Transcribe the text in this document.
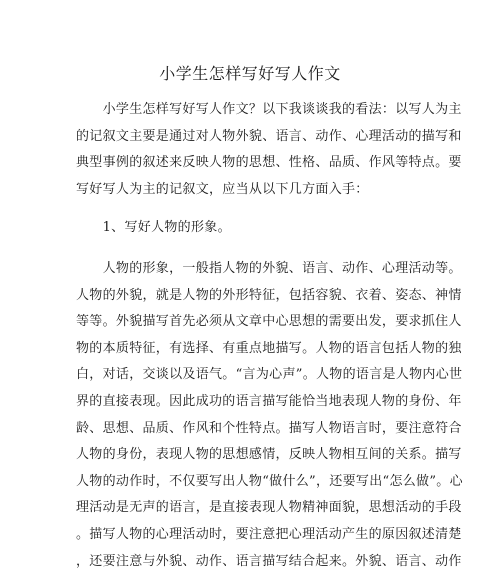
小学生怎样写好写人作文

　　小学生怎样写好写人作文？以下我谈谈我的看法：以写人为主
的记叙文主要是通过对人物外貌、语言、动作、心理活动的描写和
典型事例的叙述来反映人物的思想、性格、品质、作风等特点。要
写好写人为主的记叙文，应当从以下几方面入手：

　　1、写好人物的形象。

　　人物的形象，一般指人物的外貌、语言、动作、心理活动等。
人物的外貌，就是人物的外形特征，包括容貌、衣着、姿态、神情
等等。外貌描写首先必须从文章中心思想的需要出发，要求抓住人
物的本质特征，有选择、有重点地描写。人物的语言包括人物的独
白，对话，交谈以及语气。“言为心声”。人物的语言是人物内心世
界的直接表现。因此成功的语言描写能恰当地表现人物的身份、年
龄、思想、品质、作风和个性特点。描写人物语言时，要注意符合
人物的身份，表现人物的思想感情，反映人物相互间的关系。描写
人物的动作时，不仅要写出人物“做什么”，还要写出“怎么做”。心
理活动是无声的语言，是直接表现人物精神面貌，思想活动的手段
。描写人物的心理活动时，要注意把心理活动产生的原因叙述清楚
，还要注意与外貌、动作、语言描写结合起来。外貌、语言、动作
